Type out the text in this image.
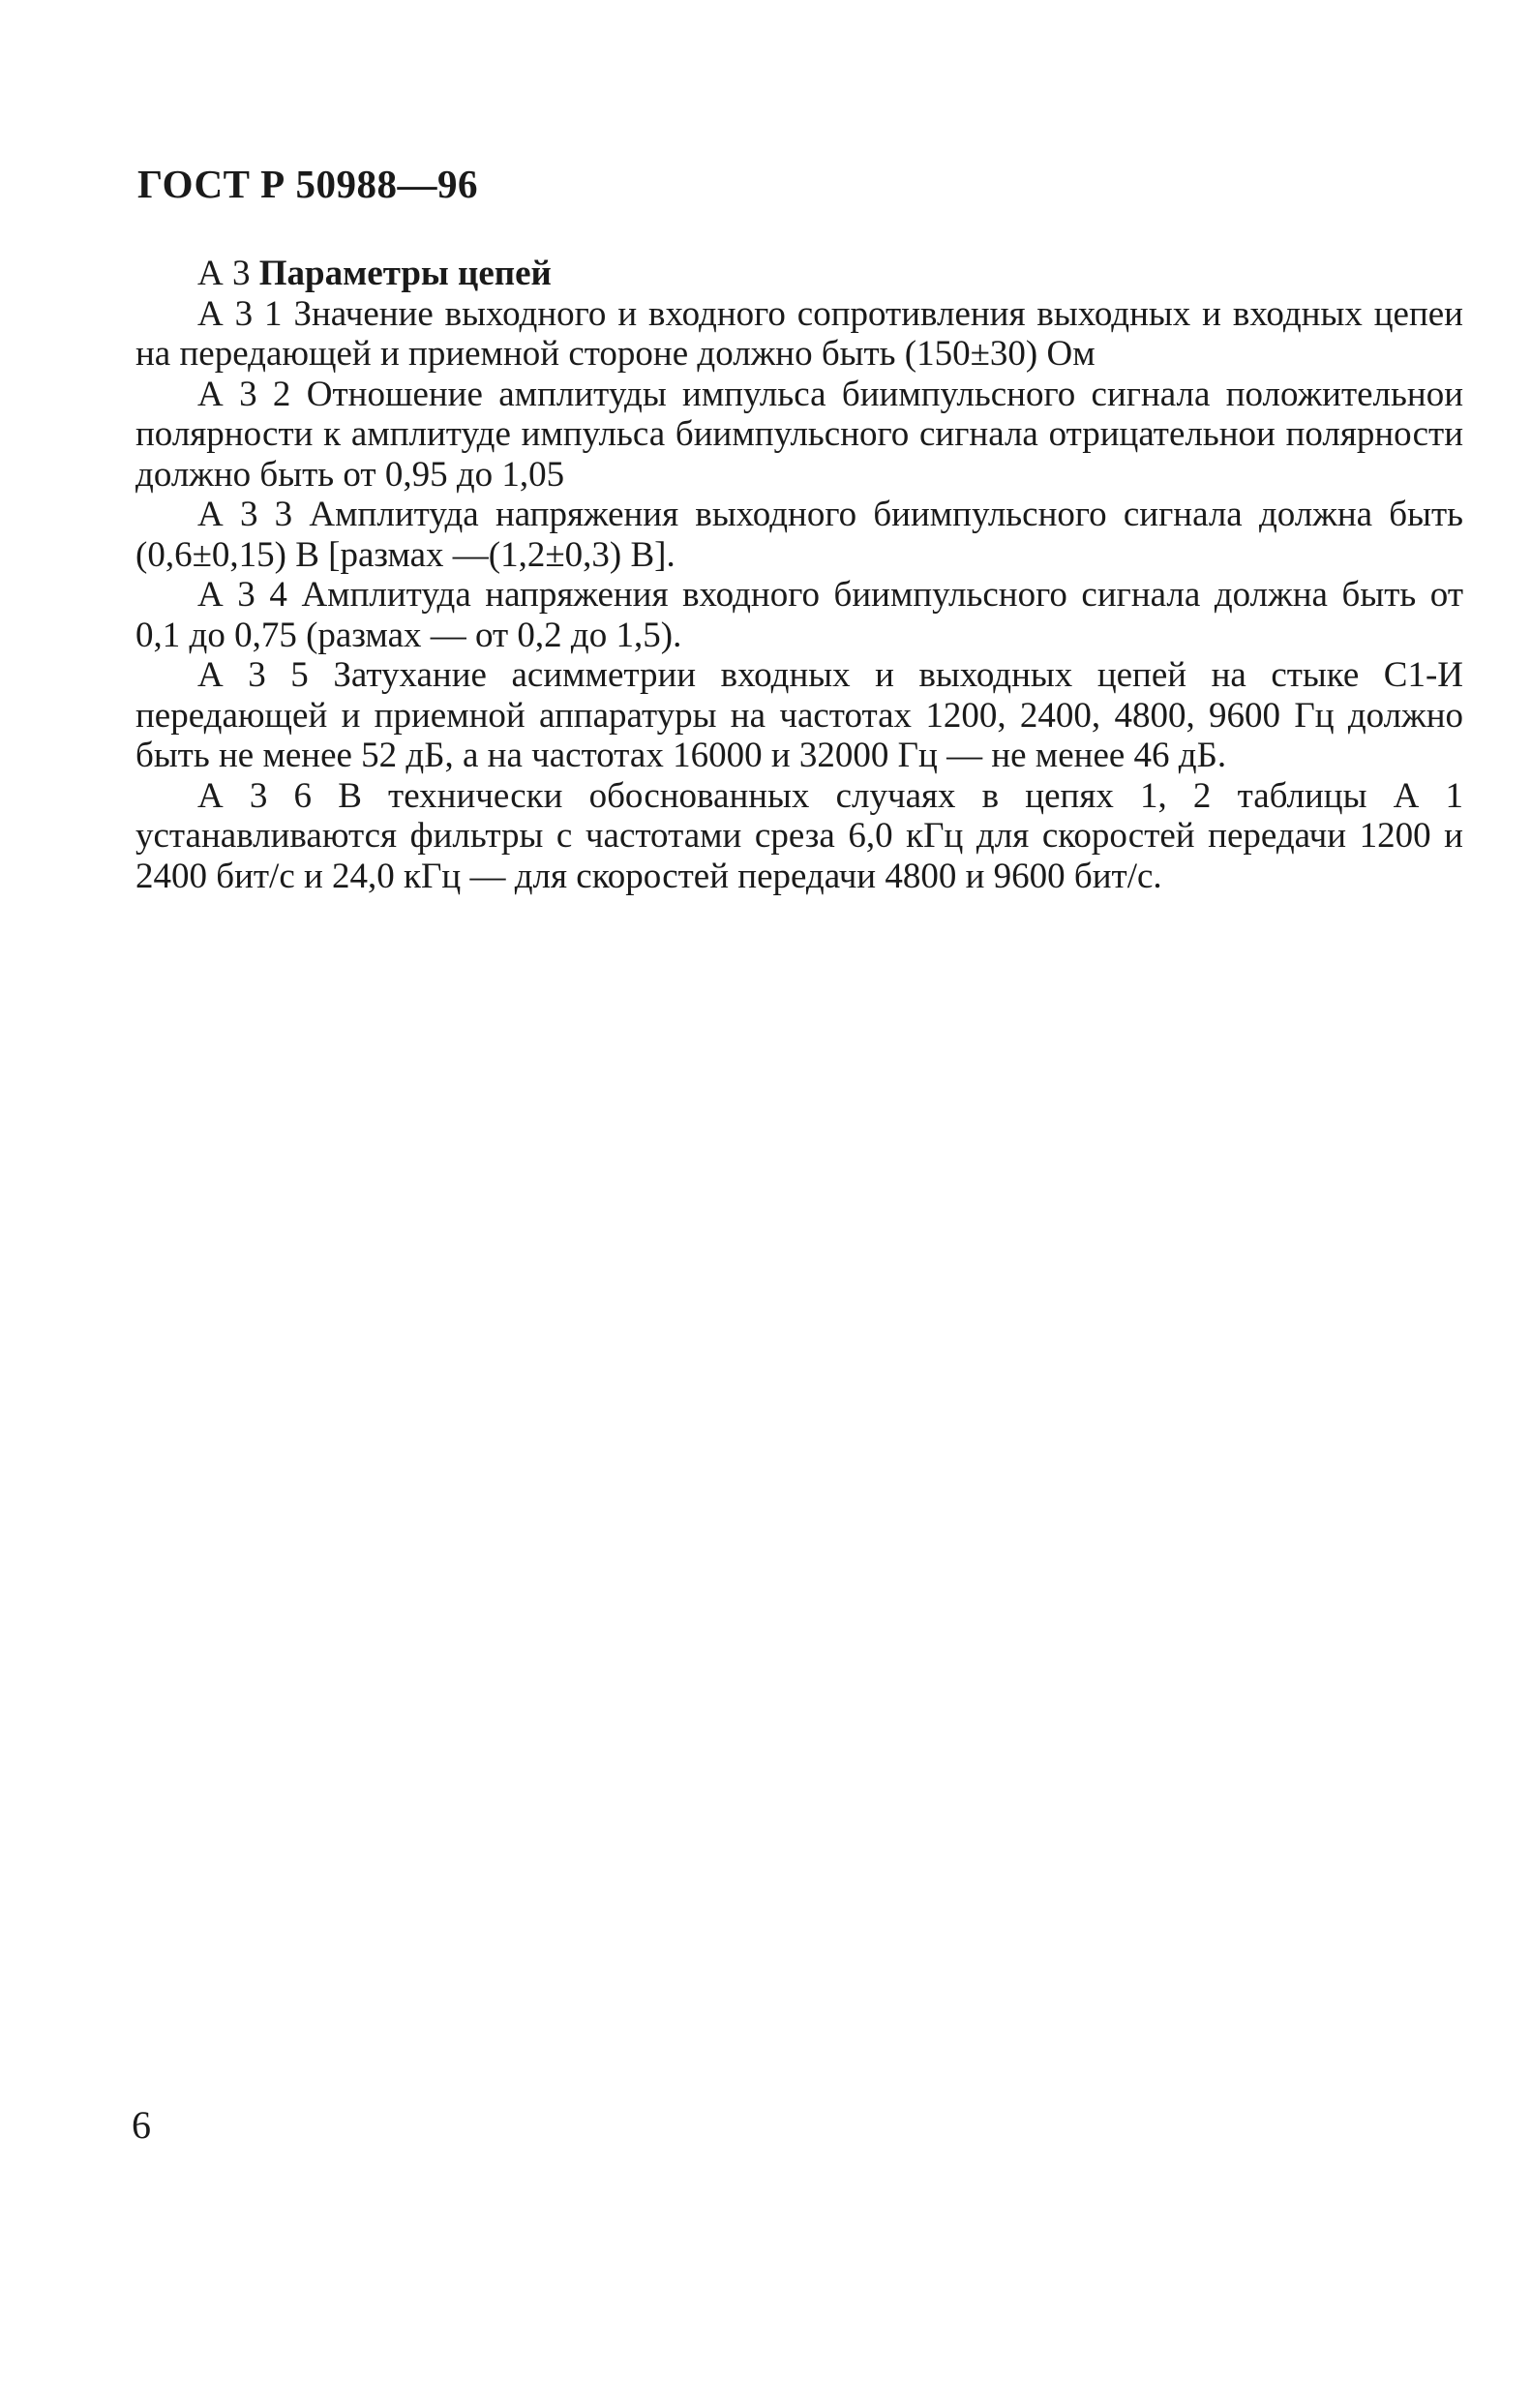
ГОСТ Р 50988—96

А 3 Параметры цепей

А 3 1 Значение выходного и входного сопротивления выходных и входных цепеи на передающей и приемной стороне должно быть (150±30) Ом

А 3 2 Отношение амплитуды импульса биимпульсного сигнала положительнои полярности к амплитуде импульса биимпульсного сигнала отрицательнои полярности должно быть от 0,95 до 1,05

А 3 3 Амплитуда напряжения выходного биимпульсного сигнала должна быть (0,6±0,15) В [размах —(1,2±0,3) В].

А 3 4 Амплитуда напряжения входного биимпульсного сигнала должна быть от 0,1 до 0,75 (размах — от 0,2 до 1,5).

А 3 5 Затухание асимметрии входных и выходных цепей на стыке С1-И передающей и приемной аппаратуры на частотах 1200, 2400, 4800, 9600 Гц должно быть не менее 52 дБ, а на частотах 16000 и 32000 Гц — не менее 46 дБ.

А 3 6 В технически обоснованных случаях в цепях 1, 2 таблицы А 1 устанавливаются фильтры с частотами среза 6,0 кГц для скоростей передачи 1200 и 2400 бит/с и 24,0 кГц — для скоростей передачи 4800 и 9600 бит/с.

6
